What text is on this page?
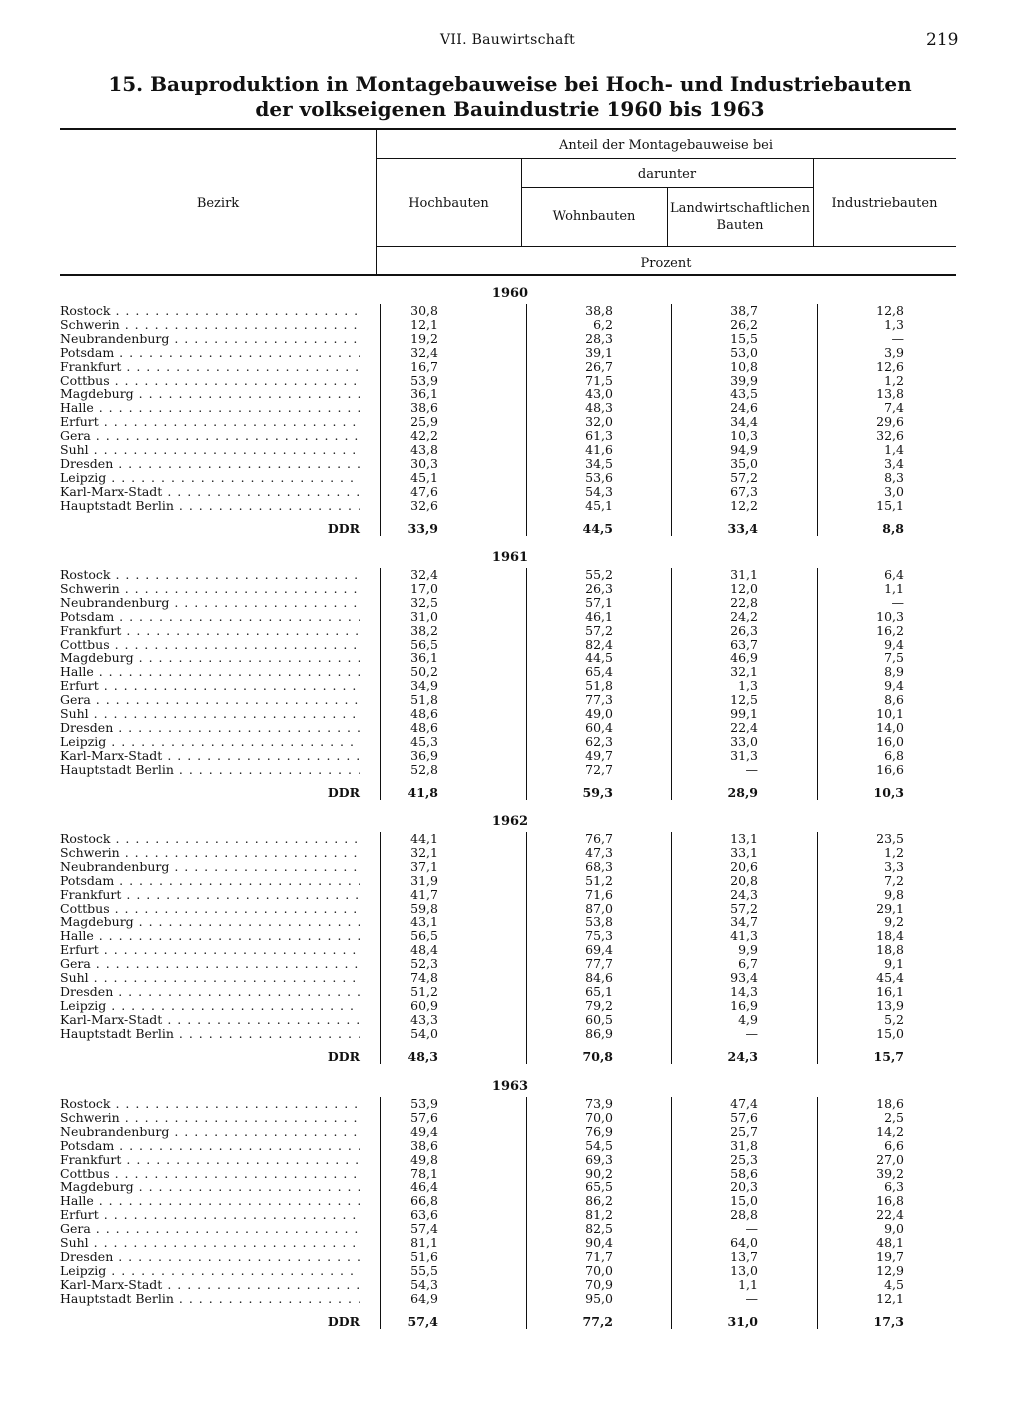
VII. Bauwirtschaft	219
15. Bauproduktion in Montagebauweise bei Hoch- und Industriebauten
der volkseigenen Bauindustrie 1960 bis 1963
Bezirk
Anteil der Montagebauweise bei
Hochbauten
darunter
Wohnbauten
Landwirtschaftlichen
Bauten
Industriebauten
Prozent
1960
Rostock . . .	30,8	38,8	38,7	12,8
Schwerin . . .	12,1	6,2	26,2	1,3
Neubrandenburg . . .	19,2	28,3	15,5	—
Potsdam . . .	32,4	39,1	53,0	3,9
Frankfurt . . .	16,7	26,7	10,8	12,6
Cottbus . . .	53,9	71,5	39,9	1,2
Magdeburg . . .	36,1	43,0	43,5	13,8
Halle . . .	38,6	48,3	24,6	7,4
Erfurt . . .	25,9	32,0	34,4	29,6
Gera . . .	42,2	61,3	10,3	32,6
Suhl . . .	43,8	41,6	94,9	1,4
Dresden . . .	30,3	34,5	35,0	3,4
Leipzig . . .	45,1	53,6	57,2	8,3
Karl-Marx-Stadt . . .	47,6	54,3	67,3	3,0
Hauptstadt Berlin . . .	32,6	45,1	12,2	15,1
DDR	33,9	44,5	33,4	8,8
1961
Rostock . . .	32,4	55,2	31,1	6,4
Schwerin . . .	17,0	26,3	12,0	1,1
Neubrandenburg . . .	32,5	57,1	22,8	—
Potsdam . . .	31,0	46,1	24,2	10,3
Frankfurt . . .	38,2	57,2	26,3	16,2
Cottbus . . .	56,5	82,4	63,7	9,4
Magdeburg . . .	36,1	44,5	46,9	7,5
Halle . . .	50,2	65,4	32,1	8,9
Erfurt . . .	34,9	51,8	1,3	9,4
Gera . . .	51,8	77,3	12,5	8,6
Suhl . . .	48,6	49,0	99,1	10,1
Dresden . . .	48,6	60,4	22,4	14,0
Leipzig . . .	45,3	62,3	33,0	16,0
Karl-Marx-Stadt . . .	36,9	49,7	31,3	6,8
Hauptstadt Berlin . . .	52,8	72,7	—	16,6
DDR	41,8	59,3	28,9	10,3
1962
Rostock . . .	44,1	76,7	13,1	23,5
Schwerin . . .	32,1	47,3	33,1	1,2
Neubrandenburg . . .	37,1	68,3	20,6	3,3
Potsdam . . .	31,9	51,2	20,8	7,2
Frankfurt . . .	41,7	71,6	24,3	9,8
Cottbus . . .	59,8	87,0	57,2	29,1
Magdeburg . . .	43,1	53,8	34,7	9,2
Halle . . .	56,5	75,3	41,3	18,4
Erfurt . . .	48,4	69,4	9,9	18,8
Gera . . .	52,3	77,7	6,7	9,1
Suhl . . .	74,8	84,6	93,4	45,4
Dresden . . .	51,2	65,1	14,3	16,1
Leipzig . . .	60,9	79,2	16,9	13,9
Karl-Marx-Stadt . . .	43,3	60,5	4,9	5,2
Hauptstadt Berlin . . .	54,0	86,9	—	15,0
DDR	48,3	70,8	24,3	15,7
1963
Rostock . . .	53,9	73,9	47,4	18,6
Schwerin . . .	57,6	70,0	57,6	2,5
Neubrandenburg . . .	49,4	76,9	25,7	14,2
Potsdam . . .	38,6	54,5	31,8	6,6
Frankfurt . . .	49,8	69,3	25,3	27,0
Cottbus . . .	78,1	90,2	58,6	39,2
Magdeburg . . .	46,4	65,5	20,3	6,3
Halle . . .	66,8	86,2	15,0	16,8
Erfurt . . .	63,6	81,2	28,8	22,4
Gera . . .	57,4	82,5	—	9,0
Suhl . . .	81,1	90,4	64,0	48,1
Dresden . . .	51,6	71,7	13,7	19,7
Leipzig . . .	55,5	70,0	13,0	12,9
Karl-Marx-Stadt . . .	54,3	70,9	1,1	4,5
Hauptstadt Berlin . . .	64,9	95,0	—	12,1
DDR	57,4	77,2	31,0	17,3
